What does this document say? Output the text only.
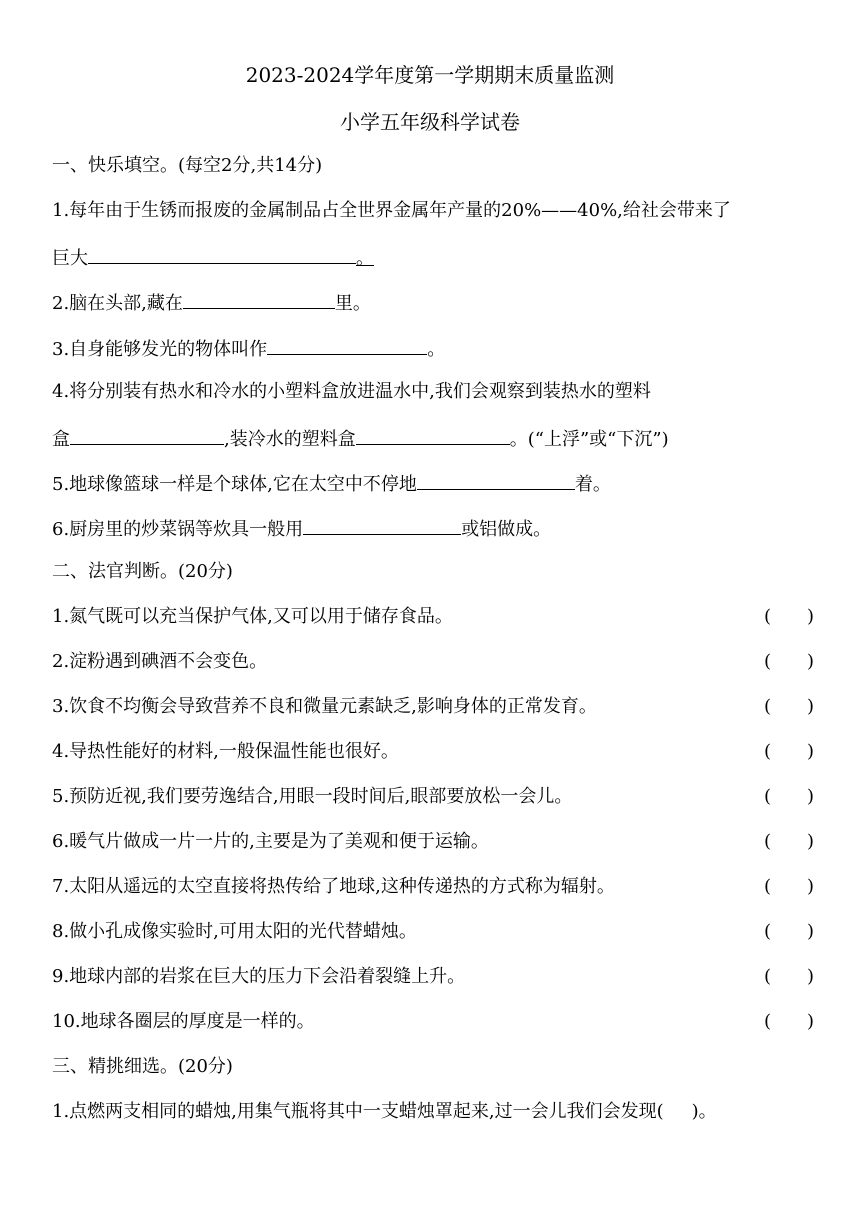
2023-2024学年度第一学期期末质量监测
小学五年级科学试卷
一、快乐填空。(每空2分,共14分)
1.每年由于生锈而报废的金属制品占全世界金属年产量的20%——40%,给社会带来了
巨大	。
2.脑在头部,藏在	里。
3.自身能够发光的物体叫作	。
4.将分别装有热水和冷水的小塑料盒放进温水中,我们会观察到装热水的塑料
盒	,装冷水的塑料盒	。(“上浮”或“下沉”)
5.地球像篮球一样是个球体,它在太空中不停地	着。
6.厨房里的炒菜锅等炊具一般用	或铝做成。
二、法官判断。(20分)
1.氮气既可以充当保护气体,又可以用于储存食品。	( )
2.淀粉遇到碘酒不会变色。	( )
3.饮食不均衡会导致营养不良和微量元素缺乏,影响身体的正常发育。	( )
4.导热性能好的材料,一般保温性能也很好。	( )
5.预防近视,我们要劳逸结合,用眼一段时间后,眼部要放松一会儿。	( )
6.暖气片做成一片一片的,主要是为了美观和便于运输。	( )
7.太阳从遥远的太空直接将热传给了地球,这种传递热的方式称为辐射。	( )
8.做小孔成像实验时,可用太阳的光代替蜡烛。	( )
9.地球内部的岩浆在巨大的压力下会沿着裂缝上升。	( )
10.地球各圈层的厚度是一样的。	( )
三、精挑细选。(20分)
1.点燃两支相同的蜡烛,用集气瓶将其中一支蜡烛罩起来,过一会儿我们会发现( )。
